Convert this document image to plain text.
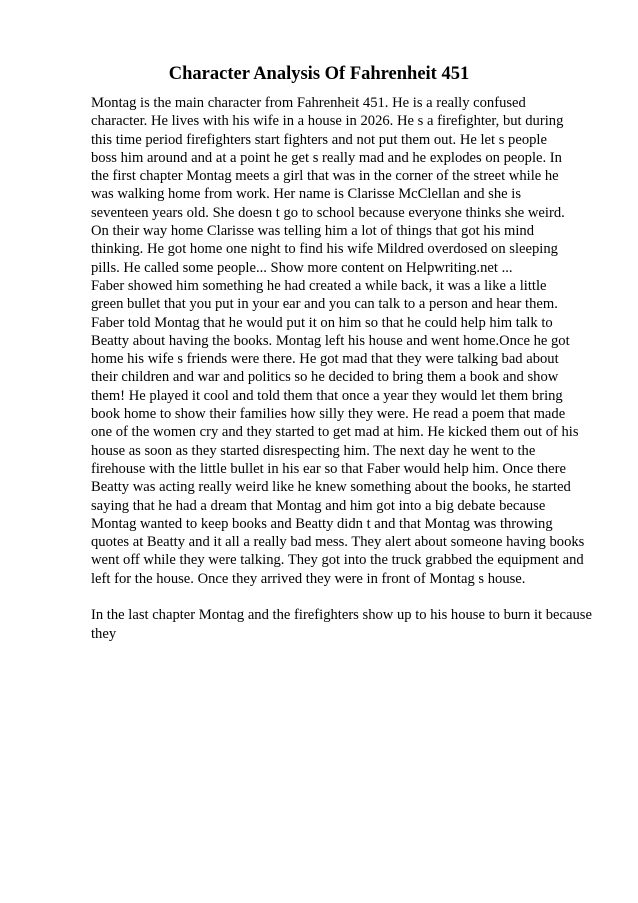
Character Analysis Of Fahrenheit 451

Montag is the main character from Fahrenheit 451. He is a really confused
character. He lives with his wife in a house in 2026. He s a firefighter, but during
this time period firefighters start fighters and not put them out. He let s people
boss him around and at a point he get s really mad and he explodes on people. In
the first chapter Montag meets a girl that was in the corner of the street while he
was walking home from work. Her name is Clarisse McClellan and she is
seventeen years old. She doesn t go to school because everyone thinks she weird.
On their way home Clarisse was telling him a lot of things that got his mind
thinking. He got home one night to find his wife Mildred overdosed on sleeping
pills. He called some people... Show more content on Helpwriting.net ...
Faber showed him something he had created a while back, it was a like a little
green bullet that you put in your ear and you can talk to a person and hear them.
Faber told Montag that he would put it on him so that he could help him talk to
Beatty about having the books. Montag left his house and went home.Once he got
home his wife s friends were there. He got mad that they were talking bad about
their children and war and politics so he decided to bring them a book and show
them! He played it cool and told them that once a year they would let them bring
book home to show their families how silly they were. He read a poem that made
one of the women cry and they started to get mad at him. He kicked them out of his
house as soon as they started disrespecting him. The next day he went to the
firehouse with the little bullet in his ear so that Faber would help him. Once there
Beatty was acting really weird like he knew something about the books, he started
saying that he had a dream that Montag and him got into a big debate because
Montag wanted to keep books and Beatty didn t and that Montag was throwing
quotes at Beatty and it all a really bad mess. They alert about someone having books
went off while they were talking. They got into the truck grabbed the equipment and
left for the house. Once they arrived they were in front of Montag s house.

In the last chapter Montag and the firefighters show up to his house to burn it because
they
